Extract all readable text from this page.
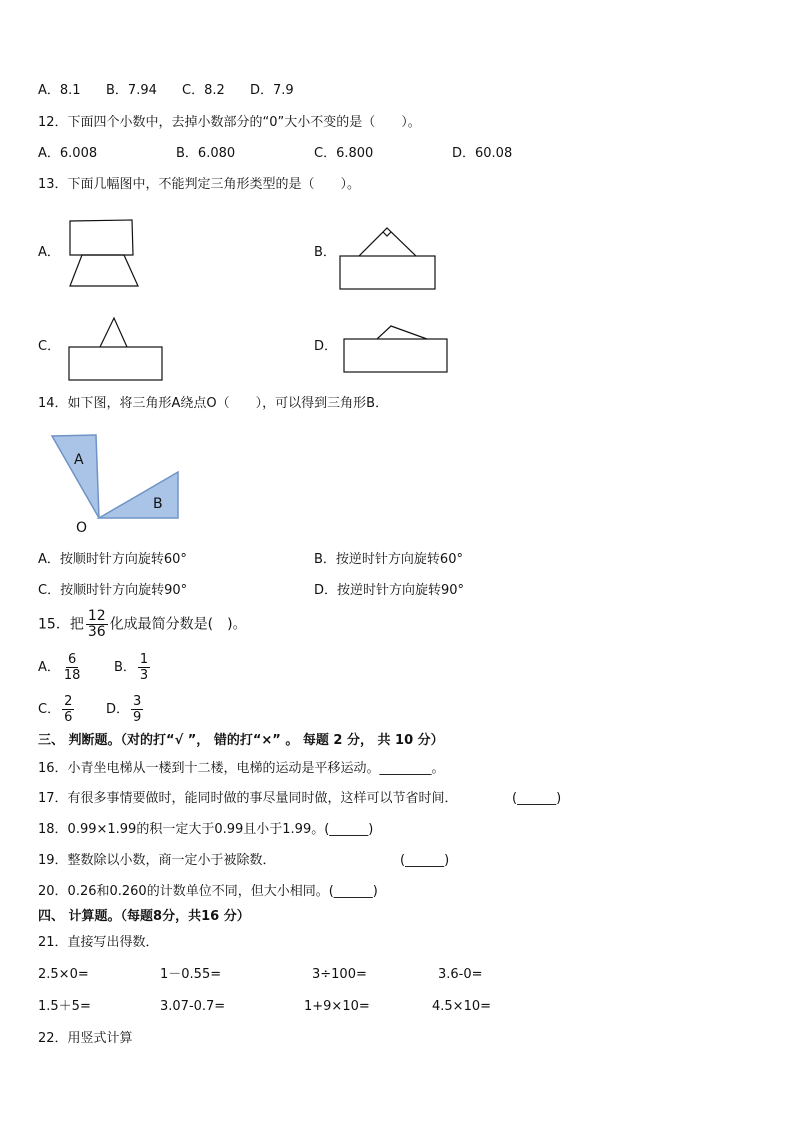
A．8.1 B．7.94 C．8.2 D．7.9
12．下面四个小数中，去掉小数部分的“0”大小不变的是（　　）。
A．6.008	B．6.080	C．6.800	D．60.08
13．下面几幅图中，不能判定三角形类型的是（　　）。
A．	B．
C．	D．
14．如下图，将三角形A绕点O（　　），可以得到三角形B．
A
B
O
A．按顺时针方向旋转60°	B．按逆时针方向旋转60°
C．按顺时针方向旋转90°	D．按逆时针方向旋转90°
15．把 $\frac{12}{36}$ 化成最简分数是(　)。
A． $\frac{6}{18}$ B． $\frac{1}{3}$
C． $\frac{2}{6}$ D． $\frac{3}{9}$
三、 判断题。（对的打“√ ”， 错的打“×” 。 每题 2 分， 共 10 分）
16．小青坐电梯从一楼到十二楼，电梯的运动是平移运动。________。
17．有很多事情要做时，能同时做的事尽量同时做，这样可以节省时间．	(______)
18．0.99×1.99的积一定大于0.99且小于1.99。(______)
19．整数除以小数，商一定小于被除数．	(______)
20．0.26和0.260的计数单位不同，但大小相同。(______)
四、 计算题。（每题8分，共16 分）
21．直接写出得数．
2.5×0=	1－0.55=	3÷100=	3.6-0=
1.5＋5=	3.07-0.7=	1+9×10=	4.5×10=
22．用竖式计算
